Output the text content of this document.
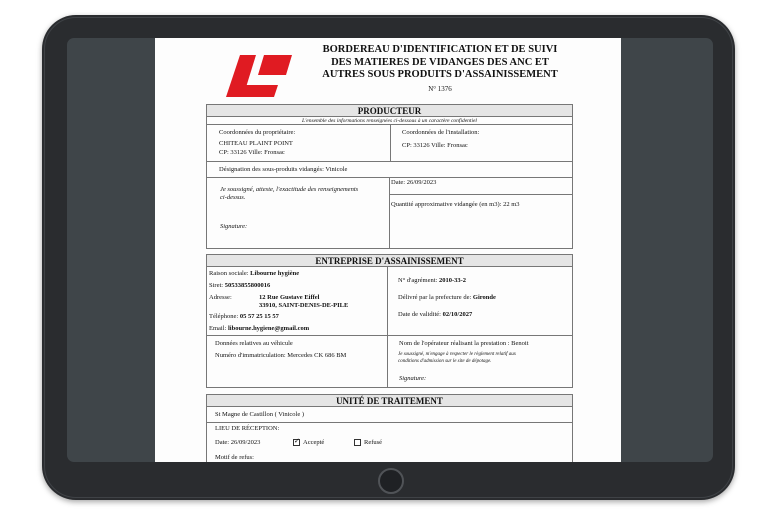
BORDEREAU D'IDENTIFICATION ET DE SUIVI
DES MATIERES DE VIDANGES DES ANC ET
AUTRES SOUS PRODUITS D'ASSAINISSEMENT
N° 1376
PRODUCTEUR
L'ensemble des informations renseignées ci-dessous à un caractère confidentiel
Coordonnées du propriétaire:
CHITEAU PLAINT POINT
CP: 33126 Ville: Fronsac
Coordonnées de l'installation:
CP: 33126 Ville: Fronsac
Désignation des sous-produits vidangés: Vinicole
Je soussigné, atteste, l'exactitude des renseignements
ci-dessus.
Signature:
Date: 26/09/2023
Quantité approximative vidangée (en m3): 22 m3
ENTREPRISE D'ASSAINISSEMENT
Raison sociale: Libourne hygiène
Siret: 50533855800016
Adresse:	12 Rue Gustave Eiffel
33910, SAINT-DENIS-DE-PILE
Téléphone: 05 57 25 15 57
Email: libourne.hygiene@gmail.com
N° d'agrément: 2010-33-2
Délivré par la prefecture de: Gironde
Date de validité: 02/10/2027
Données relatives au véhicule
Numéro d'immatriculation: Mercedes CK 686 BM
Nom de l'opérateur réalisant la prestation : Benoit
Je soussigné, m'engage à respecter le règlement relatif aux
conditions d'admission sur le site de dépotage.
Signature:
UNITÉ DE TRAITEMENT
St Magne de Castillon ( Vinicole )
LIEU DE RÉCEPTION:
Date: 26/09/2023	✓ Accepté	Refusé
Motif de refus:
